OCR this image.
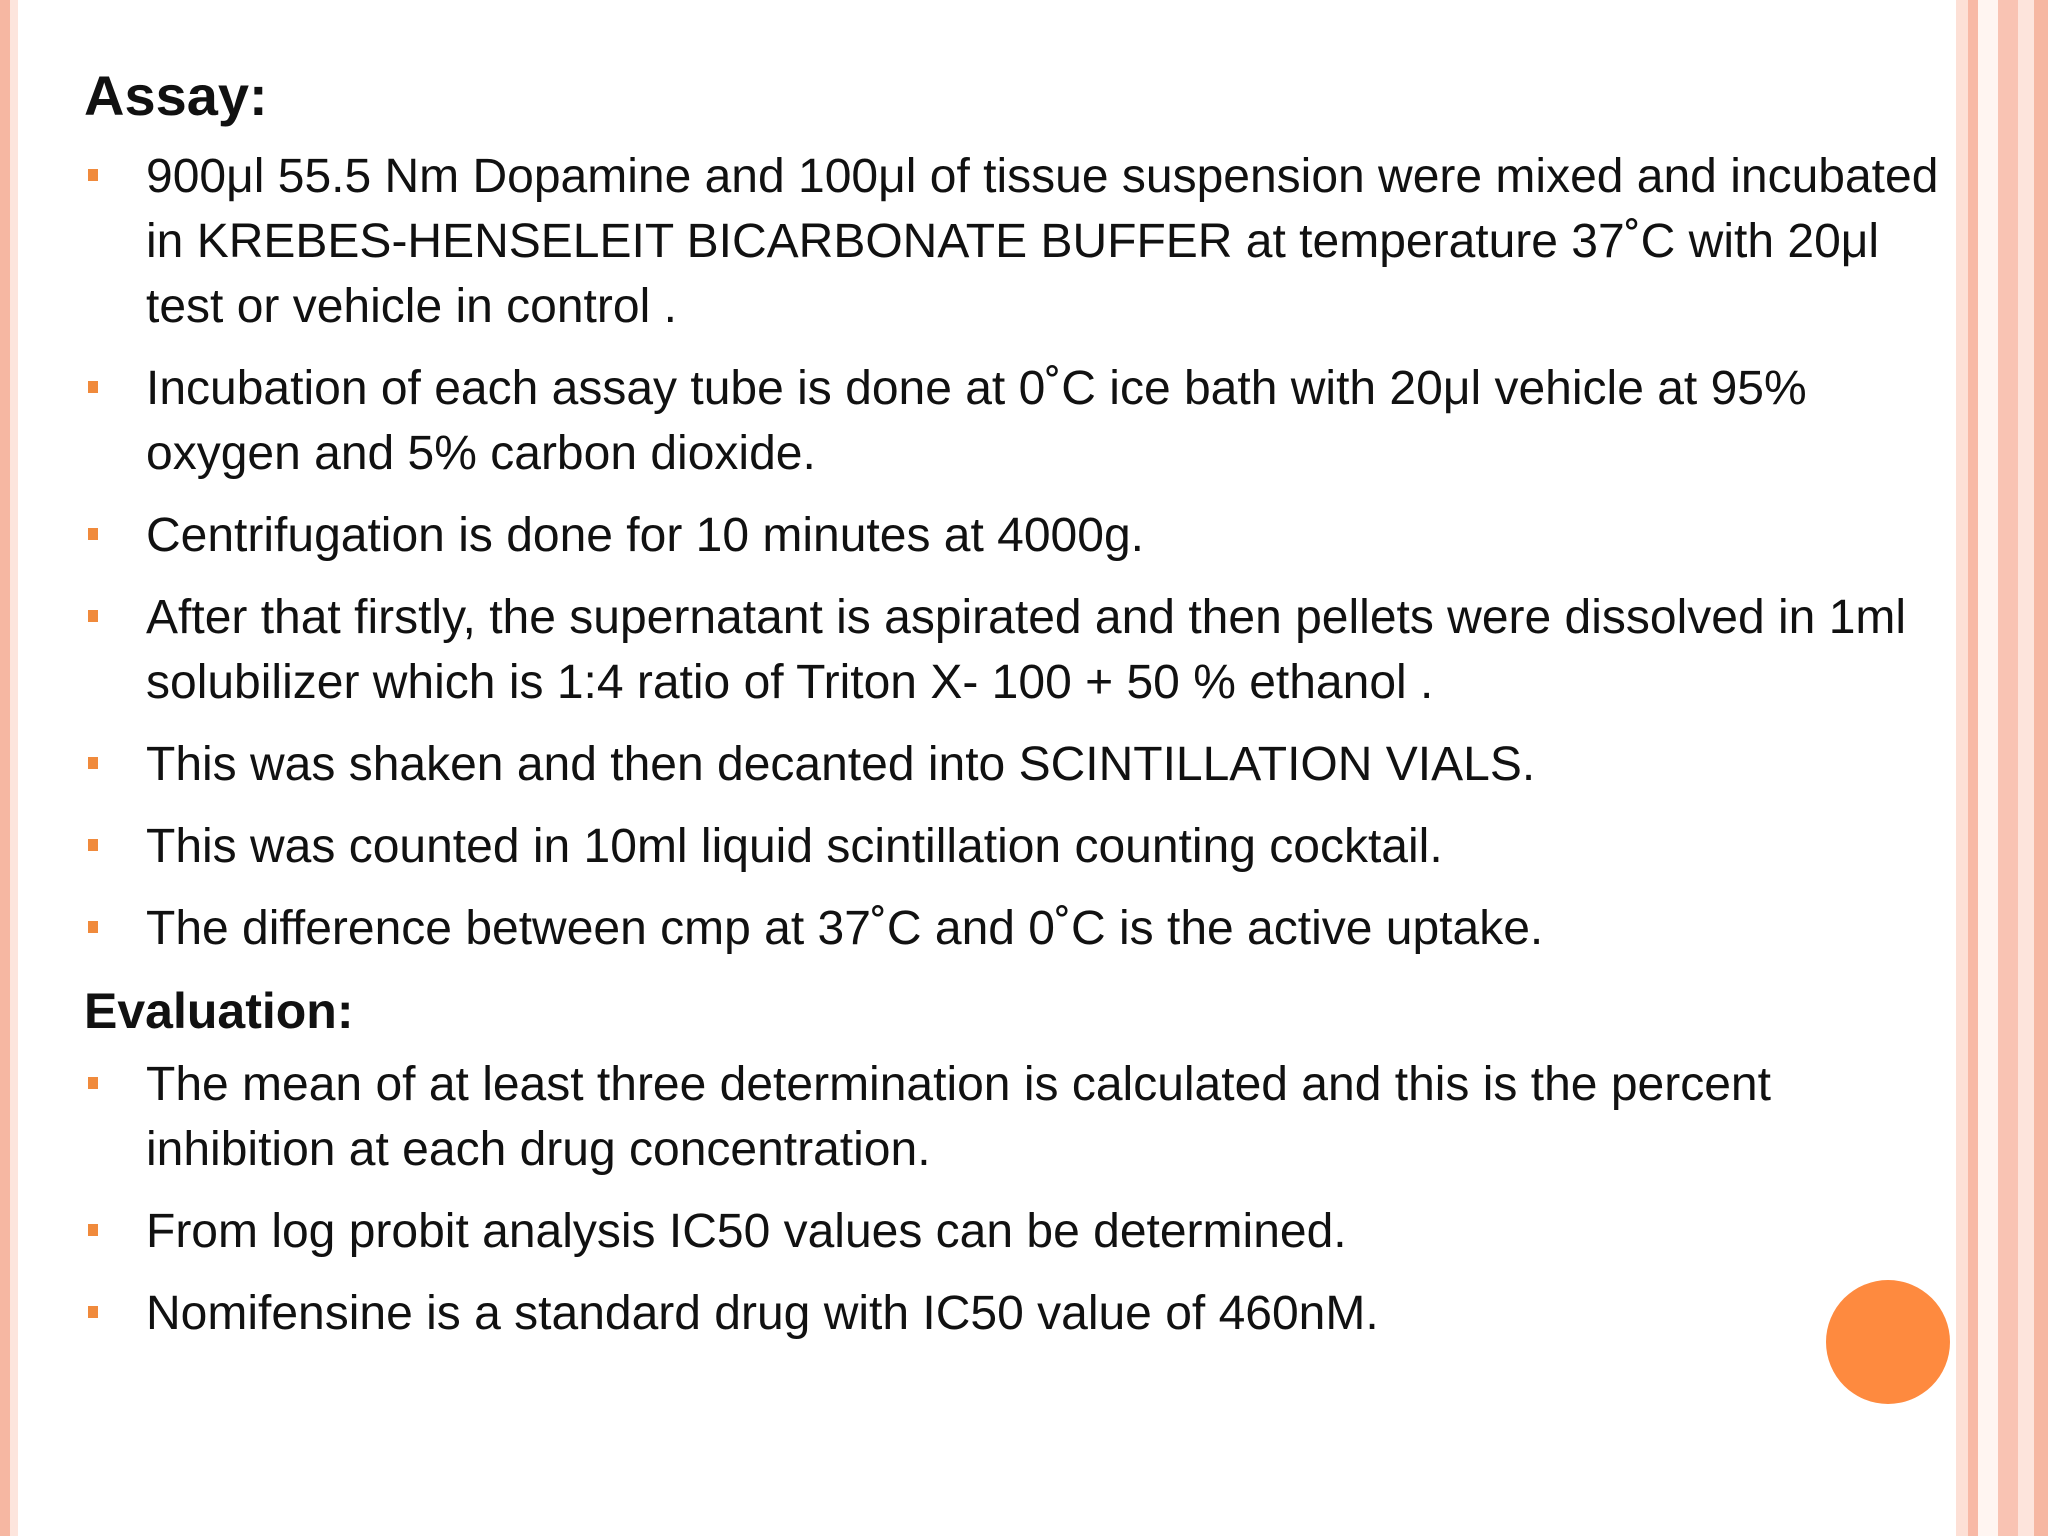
Assay:
900μl 55.5 Nm Dopamine and 100μl of tissue suspension were mixed and incubated in KREBES-HENSELEIT BICARBONATE BUFFER at temperature 37˚C with 20μl test or vehicle in control .
Incubation of each assay tube is done at 0˚C ice bath with 20μl vehicle at 95% oxygen and 5% carbon dioxide.
Centrifugation is done for 10 minutes at 4000g.
After that firstly, the supernatant is aspirated and then pellets were dissolved in 1ml solubilizer which is 1:4 ratio of Triton X- 100 + 50 % ethanol .
This was shaken and then decanted into SCINTILLATION VIALS.
This was counted in 10ml liquid scintillation counting cocktail.
The difference between cmp at 37˚C and 0˚C is the active uptake.
Evaluation:
The mean of at least three determination is calculated and this is the percent inhibition at each drug concentration.
From log probit analysis IC50 values can be determined.
Nomifensine is a standard drug with IC50 value of 460nM.
